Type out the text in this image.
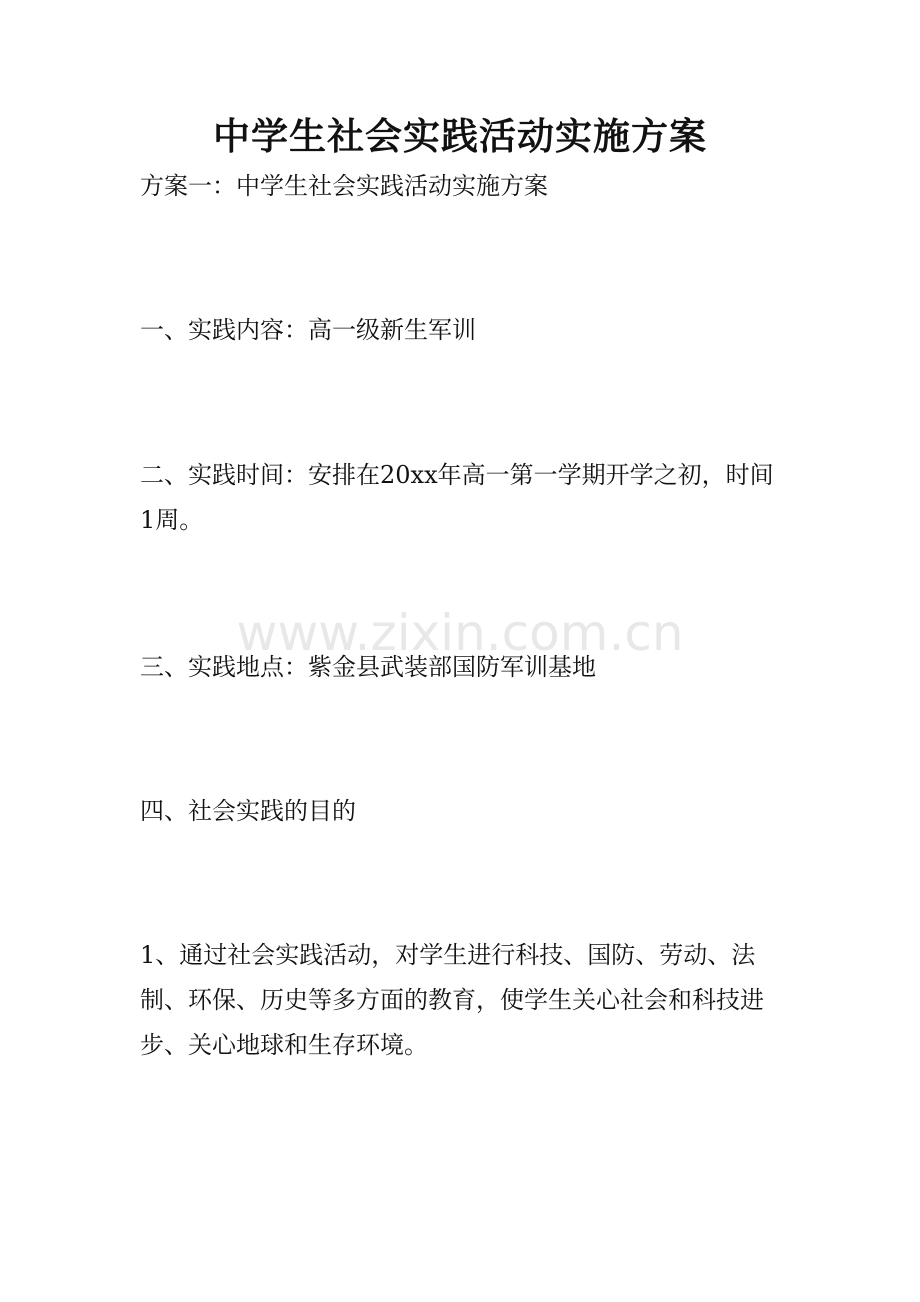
中学生社会实践活动实施方案

方案一：中学生社会实践活动实施方案

一、实践内容：高一级新生军训

二、实践时间：安排在20xx年高一第一学期开学之初，时间1周。

www.zixin.com.cn

三、实践地点：紫金县武装部国防军训基地

四、社会实践的目的

1、通过社会实践活动，对学生进行科技、国防、劳动、法制、环保、历史等多方面的教育，使学生关心社会和科技进步、关心地球和生存环境。
